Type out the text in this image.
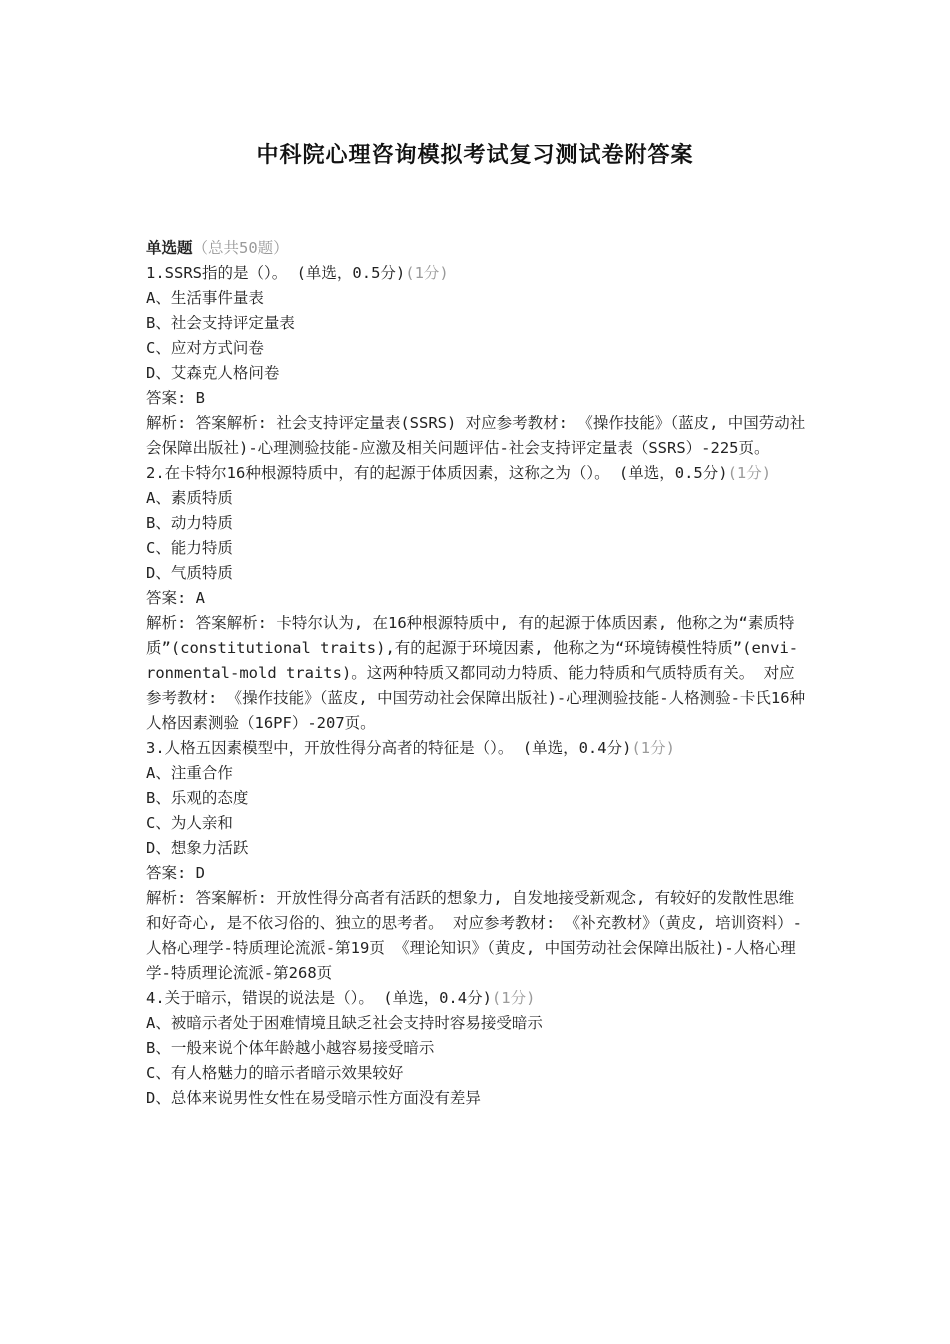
中科院心理咨询模拟考试复习测试卷附答案
单选题（总共50题）
1.SSRS指的是（）。 (单选，0.5分)(1分)
A、生活事件量表
B、社会支持评定量表
C、应对方式问卷
D、艾森克人格问卷
答案: B
解析: 答案解析: 社会支持评定量表(SSRS) 对应参考教材: 《操作技能》（蓝皮, 中国劳动社会保障出版社)-心理测验技能-应激及相关问题评估-社会支持评定量表（SSRS）-225页。
2.在卡特尔16种根源特质中，有的起源于体质因素，这称之为（）。 (单选，0.5分)(1分)
A、素质特质
B、动力特质
C、能力特质
D、气质特质
答案: A
解析: 答案解析: 卡特尔认为, 在16种根源特质中, 有的起源于体质因素, 他称之为“素质特质”(constitutional traits),有的起源于环境因素, 他称之为“环境铸模性特质”(envi-ronmental-mold traits)。这两种特质又都同动力特质、能力特质和气质特质有关。 对应参考教材: 《操作技能》（蓝皮, 中国劳动社会保障出版社)-心理测验技能-人格测验-卡氏16种人格因素测验（16PF）-207页。
3.人格五因素模型中，开放性得分高者的特征是（）。 (单选，0.4分)(1分)
A、注重合作
B、乐观的态度
C、为人亲和
D、想象力活跃
答案: D
解析: 答案解析: 开放性得分高者有活跃的想象力, 自发地接受新观念, 有较好的发散性思维和好奇心, 是不依习俗的、独立的思考者。 对应参考教材: 《补充教材》（黄皮, 培训资料）-人格心理学-特质理论流派-第19页 《理论知识》（黄皮, 中国劳动社会保障出版社)-人格心理学-特质理论流派-第268页
4.关于暗示，错误的说法是（）。 (单选，0.4分)(1分)
A、被暗示者处于困难情境且缺乏社会支持时容易接受暗示
B、一般来说个体年龄越小越容易接受暗示
C、有人格魅力的暗示者暗示效果较好
D、总体来说男性女性在易受暗示性方面没有差异
